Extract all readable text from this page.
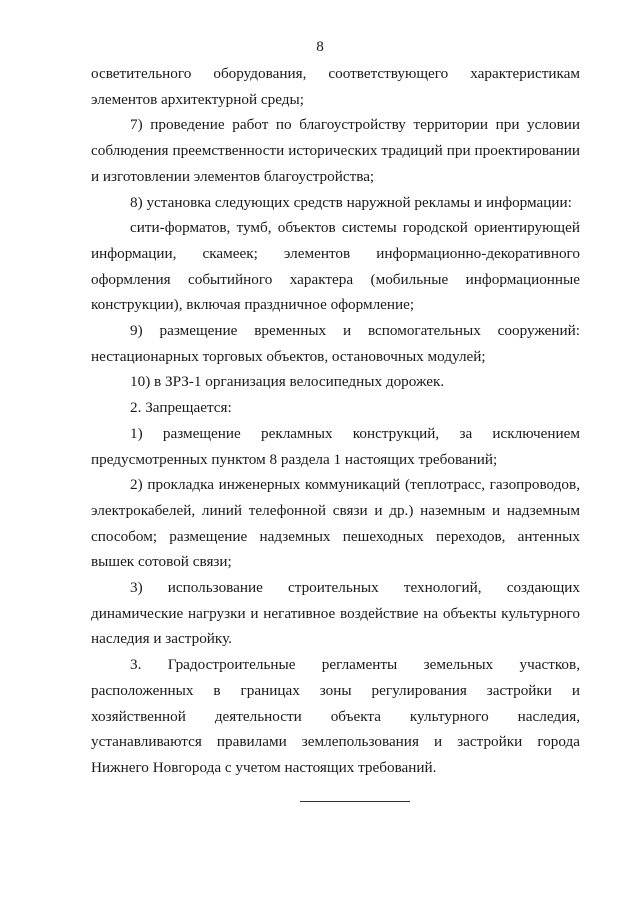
8

осветительного оборудования, соответствующего характеристикам элементов архитектурной среды;

7) проведение работ по благоустройству территории при условии соблюдения преемственности исторических традиций при проектировании и изготовлении элементов благоустройства;

8) установка следующих средств наружной рекламы и информации:

сити-форматов, тумб, объектов системы городской ориентирующей информации, скамеек; элементов информационно-декоративного оформления событийного характера (мобильные информационные конструкции), включая праздничное оформление;

9) размещение временных и вспомогательных сооружений: нестационарных торговых объектов, остановочных модулей;

10) в ЗРЗ-1 организация велосипедных дорожек.

2. Запрещается:

1) размещение рекламных конструкций, за исключением предусмотренных пунктом 8 раздела 1 настоящих требований;

2) прокладка инженерных коммуникаций (теплотрасс, газопроводов, электрокабелей, линий телефонной связи и др.) наземным и надземным способом; размещение надземных пешеходных переходов, антенных вышек сотовой связи;

3) использование строительных технологий, создающих динамические нагрузки и негативное воздействие на объекты культурного наследия и застройку.

3. Градостроительные регламенты земельных участков, расположенных в границах зоны регулирования застройки и хозяйственной деятельности объекта культурного наследия, устанавливаются правилами землепользования и застройки города Нижнего Новгорода с учетом настоящих требований.
